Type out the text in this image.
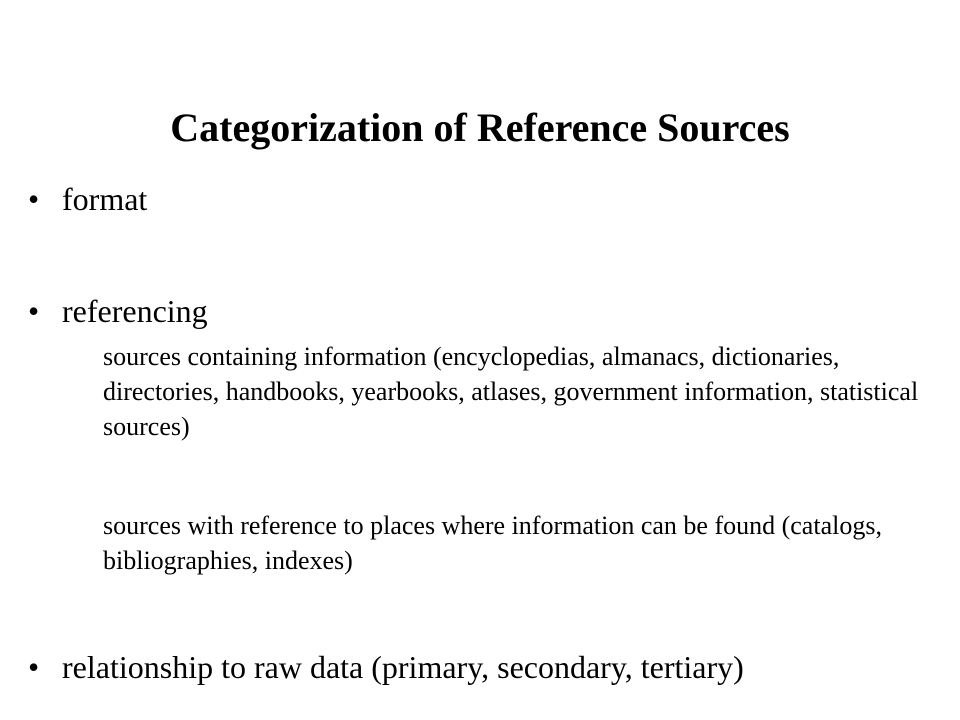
Categorization of Reference Sources
• format
• referencing
sources containing information (encyclopedias, almanacs, dictionaries, directories, handbooks, yearbooks, atlases, government information, statistical sources)
sources with reference to places where information can be found (catalogs, bibliographies, indexes)
• relationship to raw data (primary, secondary, tertiary)
